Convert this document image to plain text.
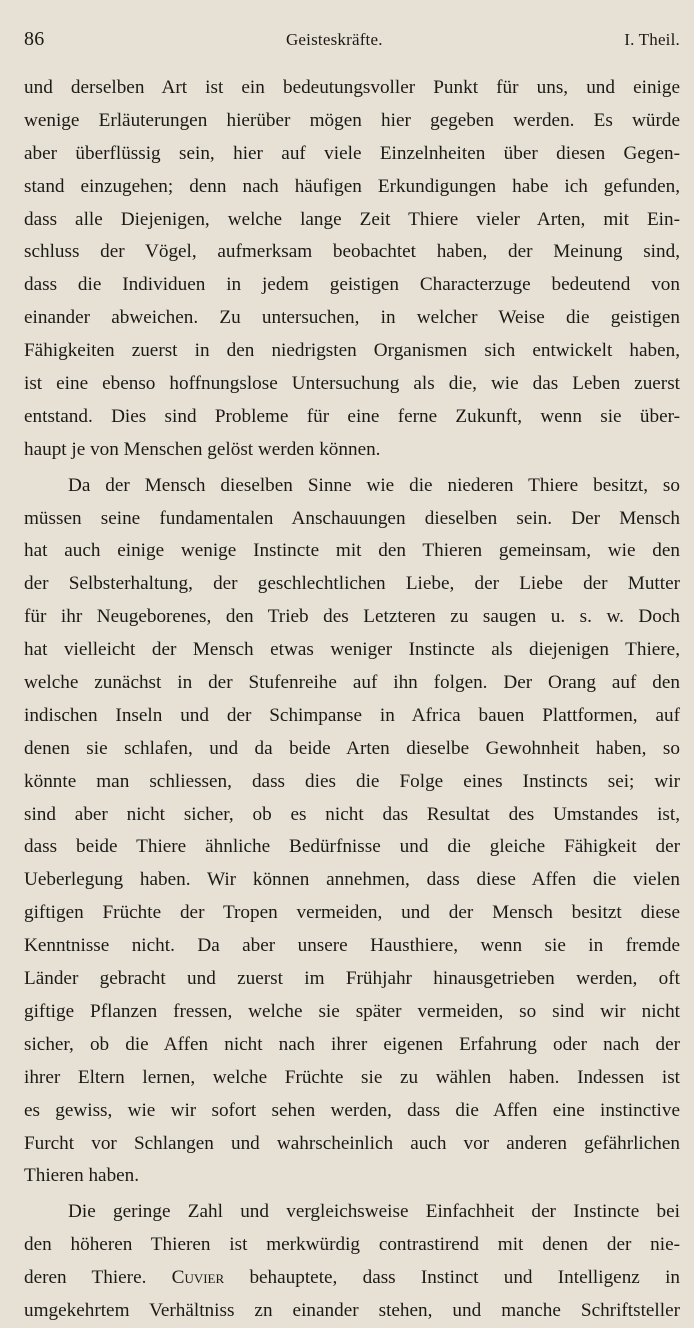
86	Geisteskräfte.	I. Theil.
und derselben Art ist ein bedeutungsvoller Punkt für uns, und einige
wenige Erläuterungen hierüber mögen hier gegeben werden. Es würde
aber überflüssig sein, hier auf viele Einzelnheiten über diesen Gegen-
stand einzugehen; denn nach häufigen Erkundigungen habe ich gefunden,
dass alle Diejenigen, welche lange Zeit Thiere vieler Arten, mit Ein-
schluss der Vögel, aufmerksam beobachtet haben, der Meinung sind,
dass die Individuen in jedem geistigen Characterzuge bedeutend von
einander abweichen. Zu untersuchen, in welcher Weise die geistigen
Fähigkeiten zuerst in den niedrigsten Organismen sich entwickelt haben,
ist eine ebenso hoffnungslose Untersuchung als die, wie das Leben zuerst
entstand. Dies sind Probleme für eine ferne Zukunft, wenn sie über-
haupt je von Menschen gelöst werden können.
Da der Mensch dieselben Sinne wie die niederen Thiere besitzt, so
müssen seine fundamentalen Anschauungen dieselben sein. Der Mensch
hat auch einige wenige Instincte mit den Thieren gemeinsam, wie den
der Selbsterhaltung, der geschlechtlichen Liebe, der Liebe der Mutter
für ihr Neugeborenes, den Trieb des Letzteren zu saugen u. s. w. Doch
hat vielleicht der Mensch etwas weniger Instincte als diejenigen Thiere,
welche zunächst in der Stufenreihe auf ihn folgen. Der Orang auf den
indischen Inseln und der Schimpanse in Africa bauen Plattformen, auf
denen sie schlafen, und da beide Arten dieselbe Gewohnheit haben, so
könnte man schliessen, dass dies die Folge eines Instincts sei; wir
sind aber nicht sicher, ob es nicht das Resultat des Umstandes ist,
dass beide Thiere ähnliche Bedürfnisse und die gleiche Fähigkeit der
Ueberlegung haben. Wir können annehmen, dass diese Affen die vielen
giftigen Früchte der Tropen vermeiden, und der Mensch besitzt diese
Kenntnisse nicht. Da aber unsere Hausthiere, wenn sie in fremde
Länder gebracht und zuerst im Frühjahr hinausgetrieben werden, oft
giftige Pflanzen fressen, welche sie später vermeiden, so sind wir nicht
sicher, ob die Affen nicht nach ihrer eigenen Erfahrung oder nach der
ihrer Eltern lernen, welche Früchte sie zu wählen haben. Indessen ist
es gewiss, wie wir sofort sehen werden, dass die Affen eine instinctive
Furcht vor Schlangen und wahrscheinlich auch vor anderen gefährlichen
Thieren haben.
Die geringe Zahl und vergleichsweise Einfachheit der Instincte bei
den höheren Thieren ist merkwürdig contrastirend mit denen der nie-
deren Thiere. Cuvier behauptete, dass Instinct und Intelligenz in
umgekehrtem Verhältniss zn einander stehen, und manche Schriftsteller
